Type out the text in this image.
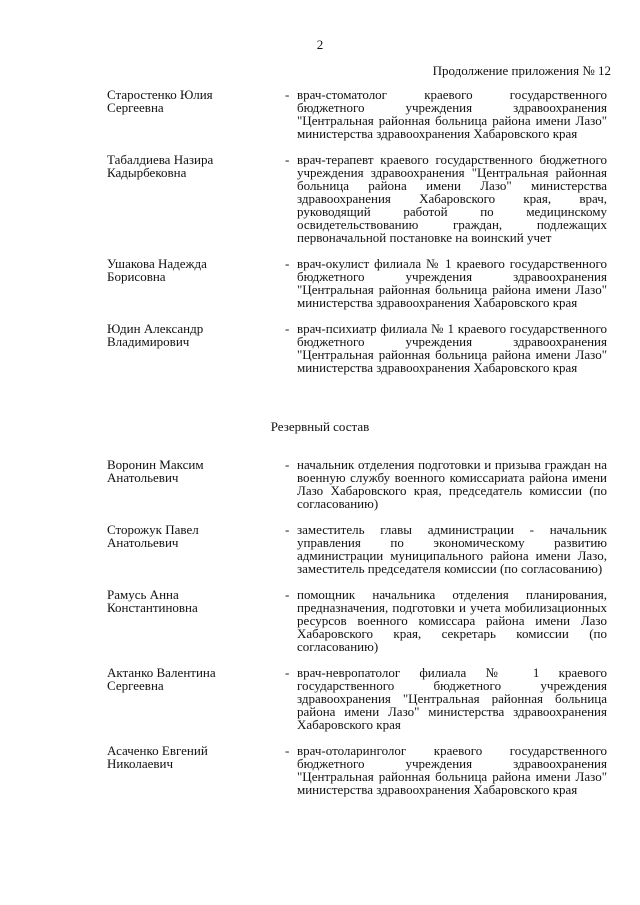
2
Продолжение приложения № 12
Старостенко Юлия
Сергеевна
- врач-стоматолог краевого государственного бюджетного учреждения здравоохранения "Центральная районная больница района имени Лазо" министерства здравоохранения Хабаровского края
Табалдиева Назира
Кадырбековна
- врач-терапевт краевого государственного бюджетного учреждения здравоохранения "Центральная районная больница района имени Лазо" министерства здравоохранения Хабаровского края, врач, руководящий работой по медицинскому освидетельствованию граждан, подлежащих первоначальной постановке на воинский учет
Ушакова Надежда
Борисовна
- врач-окулист филиала № 1 краевого государственного бюджетного учреждения здравоохранения "Центральная районная больница района имени Лазо" министерства здравоохранения Хабаровского края
Юдин Александр
Владимирович
- врач-психиатр филиала № 1 краевого государственного бюджетного учреждения здравоохранения "Центральная районная больница района имени Лазо" министерства здравоохранения Хабаровского края
Резервный состав
Воронин Максим
Анатольевич
- начальник отделения подготовки и призыва граждан на военную службу военного комиссариата района имени Лазо Хабаровского края, председатель комиссии (по согласованию)
Сторожук Павел
Анатольевич
- заместитель главы администрации - начальник управления по экономическому развитию администрации муниципального района имени Лазо, заместитель председателя комиссии (по согласованию)
Рамусь Анна
Константиновна
- помощник начальника отделения планирования, предназначения, подготовки и учета мобилизационных ресурсов военного комиссара района имени Лазо Хабаровского края, секретарь комиссии (по согласованию)
Актанко Валентина
Сергеевна
- врач-невропатолог филиала № 1 краевого государственного бюджетного учреждения здравоохранения "Центральная районная больница района имени Лазо" министерства здравоохранения Хабаровского края
Асаченко Евгений
Николаевич
- врач-отоларинголог краевого государственного бюджетного учреждения здравоохранения "Центральная районная больница района имени Лазо" министерства здравоохранения Хабаровского края
